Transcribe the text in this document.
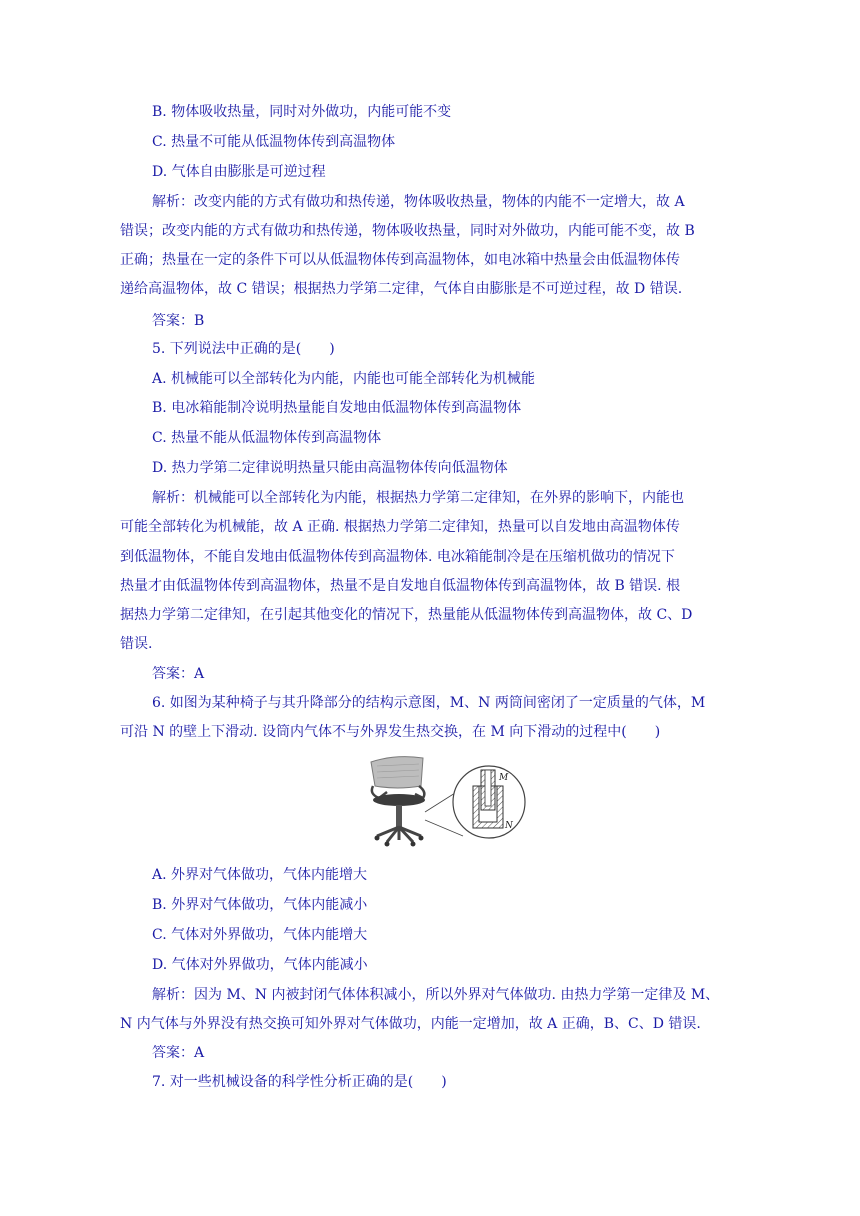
B. 物体吸收热量，同时对外做功，内能可能不变
C. 热量不可能从低温物体传到高温物体
D. 气体自由膨胀是可逆过程
解析：改变内能的方式有做功和热传递，物体吸收热量，物体的内能不一定增大，故 A
错误；改变内能的方式有做功和热传递，物体吸收热量，同时对外做功，内能可能不变，故 B
正确；热量在一定的条件下可以从低温物体传到高温物体，如电冰箱中热量会由低温物体传
递给高温物体，故 C 错误；根据热力学第二定律，气体自由膨胀是不可逆过程，故 D 错误.
答案：B
5. 下列说法中正确的是(　　)
A. 机械能可以全部转化为内能，内能也可能全部转化为机械能
B. 电冰箱能制冷说明热量能自发地由低温物体传到高温物体
C. 热量不能从低温物体传到高温物体
D. 热力学第二定律说明热量只能由高温物体传向低温物体
解析：机械能可以全部转化为内能，根据热力学第二定律知，在外界的影响下，内能也
可能全部转化为机械能，故 A 正确. 根据热力学第二定律知，热量可以自发地由高温物体传
到低温物体，不能自发地由低温物体传到高温物体. 电冰箱能制冷是在压缩机做功的情况下
热量才由低温物体传到高温物体，热量不是自发地自低温物体传到高温物体，故 B 错误. 根
据热力学第二定律知，在引起其他变化的情况下，热量能从低温物体传到高温物体，故 C、D
错误.
答案：A
6. 如图为某种椅子与其升降部分的结构示意图，M、N 两筒间密闭了一定质量的气体，M
可沿 N 的壁上下滑动. 设筒内气体不与外界发生热交换，在 M 向下滑动的过程中(　　)
M
N
A. 外界对气体做功，气体内能增大
B. 外界对气体做功，气体内能减小
C. 气体对外界做功，气体内能增大
D. 气体对外界做功，气体内能减小
解析：因为 M、N 内被封闭气体体积减小，所以外界对气体做功. 由热力学第一定律及 M、
N 内气体与外界没有热交换可知外界对气体做功，内能一定增加，故 A 正确，B、C、D 错误.
答案：A
7. 对一些机械设备的科学性分析正确的是(　　)
